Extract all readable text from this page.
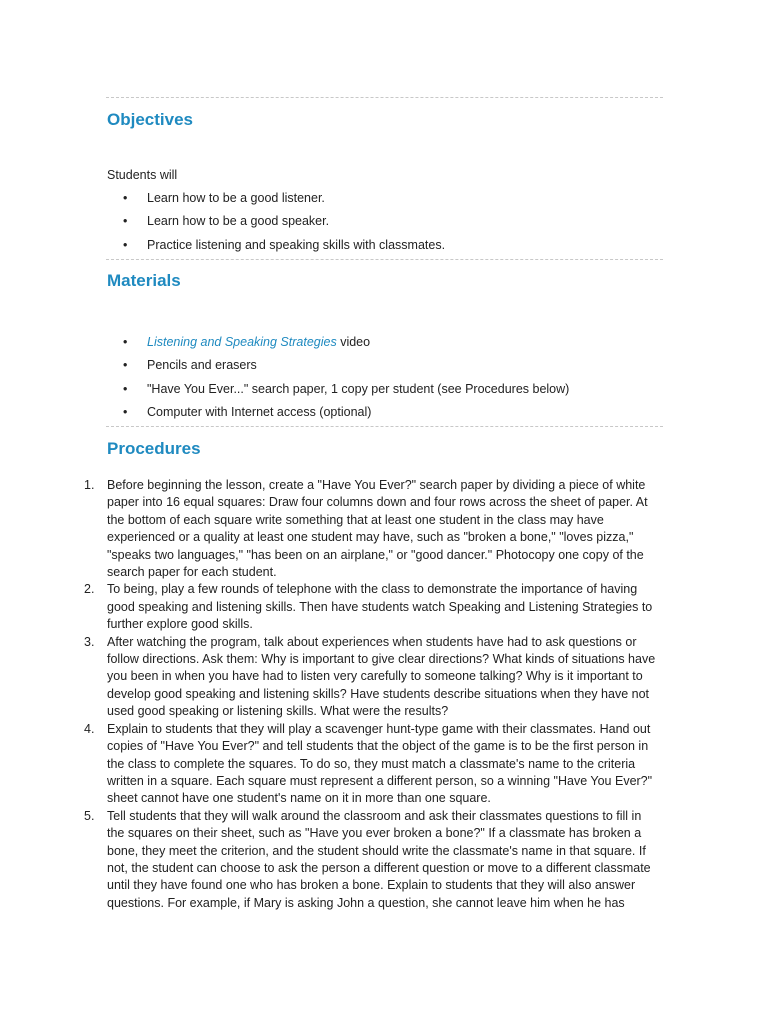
Objectives
Students will
• Learn how to be a good listener.
• Learn how to be a good speaker.
• Practice listening and speaking skills with classmates.
Materials
• Listening and Speaking Strategies video
• Pencils and erasers
• "Have You Ever..." search paper, 1 copy per student (see Procedures below)
• Computer with Internet access (optional)
Procedures
1. Before beginning the lesson, create a "Have You Ever?" search paper by dividing a piece of white paper into 16 equal squares: Draw four columns down and four rows across the sheet of paper. At the bottom of each square write something that at least one student in the class may have experienced or a quality at least one student may have, such as "broken a bone," "loves pizza," "speaks two languages," "has been on an airplane," or "good dancer." Photocopy one copy of the search paper for each student.
2. To being, play a few rounds of telephone with the class to demonstrate the importance of having good speaking and listening skills. Then have students watch Speaking and Listening Strategies to further explore good skills.
3. After watching the program, talk about experiences when students have had to ask questions or follow directions. Ask them: Why is important to give clear directions? What kinds of situations have you been in when you have had to listen very carefully to someone talking? Why is it important to develop good speaking and listening skills? Have students describe situations when they have not used good speaking or listening skills. What were the results?
4. Explain to students that they will play a scavenger hunt-type game with their classmates. Hand out copies of "Have You Ever?" and tell students that the object of the game is to be the first person in the class to complete the squares. To do so, they must match a classmate's name to the criteria written in a square. Each square must represent a different person, so a winning "Have You Ever?" sheet cannot have one student's name on it in more than one square.
5. Tell students that they will walk around the classroom and ask their classmates questions to fill in the squares on their sheet, such as "Have you ever broken a bone?" If a classmate has broken a bone, they meet the criterion, and the student should write the classmate's name in that square. If not, the student can choose to ask the person a different question or move to a different classmate until they have found one who has broken a bone. Explain to students that they will also answer questions. For example, if Mary is asking John a question, she cannot leave him when he has
